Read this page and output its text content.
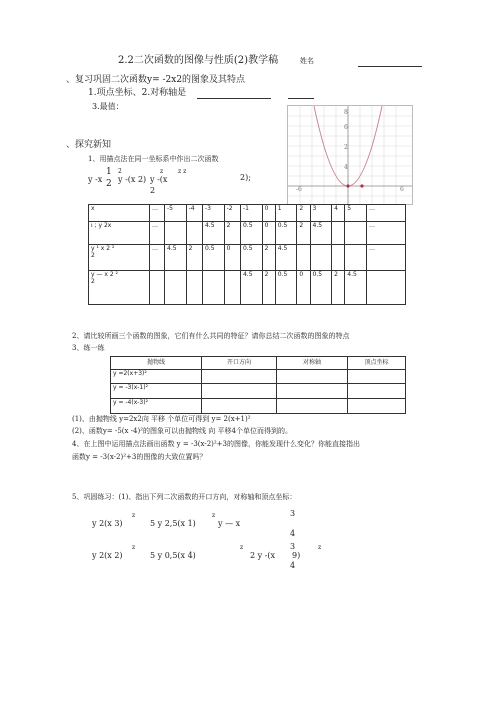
2.2二次函数的图像与性质(2)教学稿	姓名
、复习巩固二次函数y= -2x2的图象及其特点
1.项点坐标、2.对称轴是
3.最值：
2
4
6
8
-6	6
、探究新知
1、用描点法在同一坐标系中作出二次函数
y -x
1
2
2
y -(x 2)
z
y -(x
2
z z
2);
x	…	-5	-4	-3	-2	-1	0	1	2	3	4	5	…
ı ; y 2x	…			4.5	2	0.5	0	0.5	2	4.5			…
y ¹ x 2 ²
2	…	4.5	2	0.5	0	0.5	2	4.5					…
y — x 2 ²
2						4.5	2	0.5	0	0.5	2	4.5	
2、请比较所画三个函数的图象，它们有什么共同的特征？请你总结二次函数的图象的特点
3、练一练
抛物线	开口方向	对称轴	顶点坐标
y =2(x+3)²			
y = -3(x-1)²			
y = -4(x-3)²			
(1)、由抛物线 y=2x2向 平移 个单位可得到 y= 2(x+1)²
(2)、函数y= -5(x -4)²的图象可以由抛物线 向 平移4个单位而得到的。
4、在上图中运用描点法画出函数 y = -3(x-2)²+3的图像，你能发现什么变化？你能直接指出
函数y = -3(x-2)²+3的图像的大致位置吗？
5、巩固练习：(1)、指出下列二次函数的开口方向，对称轴和顶点坐标：
y 2(x 3)
z
5 y 2,5(x 1)
z
y — x
3
4
y 2(x 2)
z
5 y 0,5(x 4)
z
2 y -(x
3	z
9)
4
